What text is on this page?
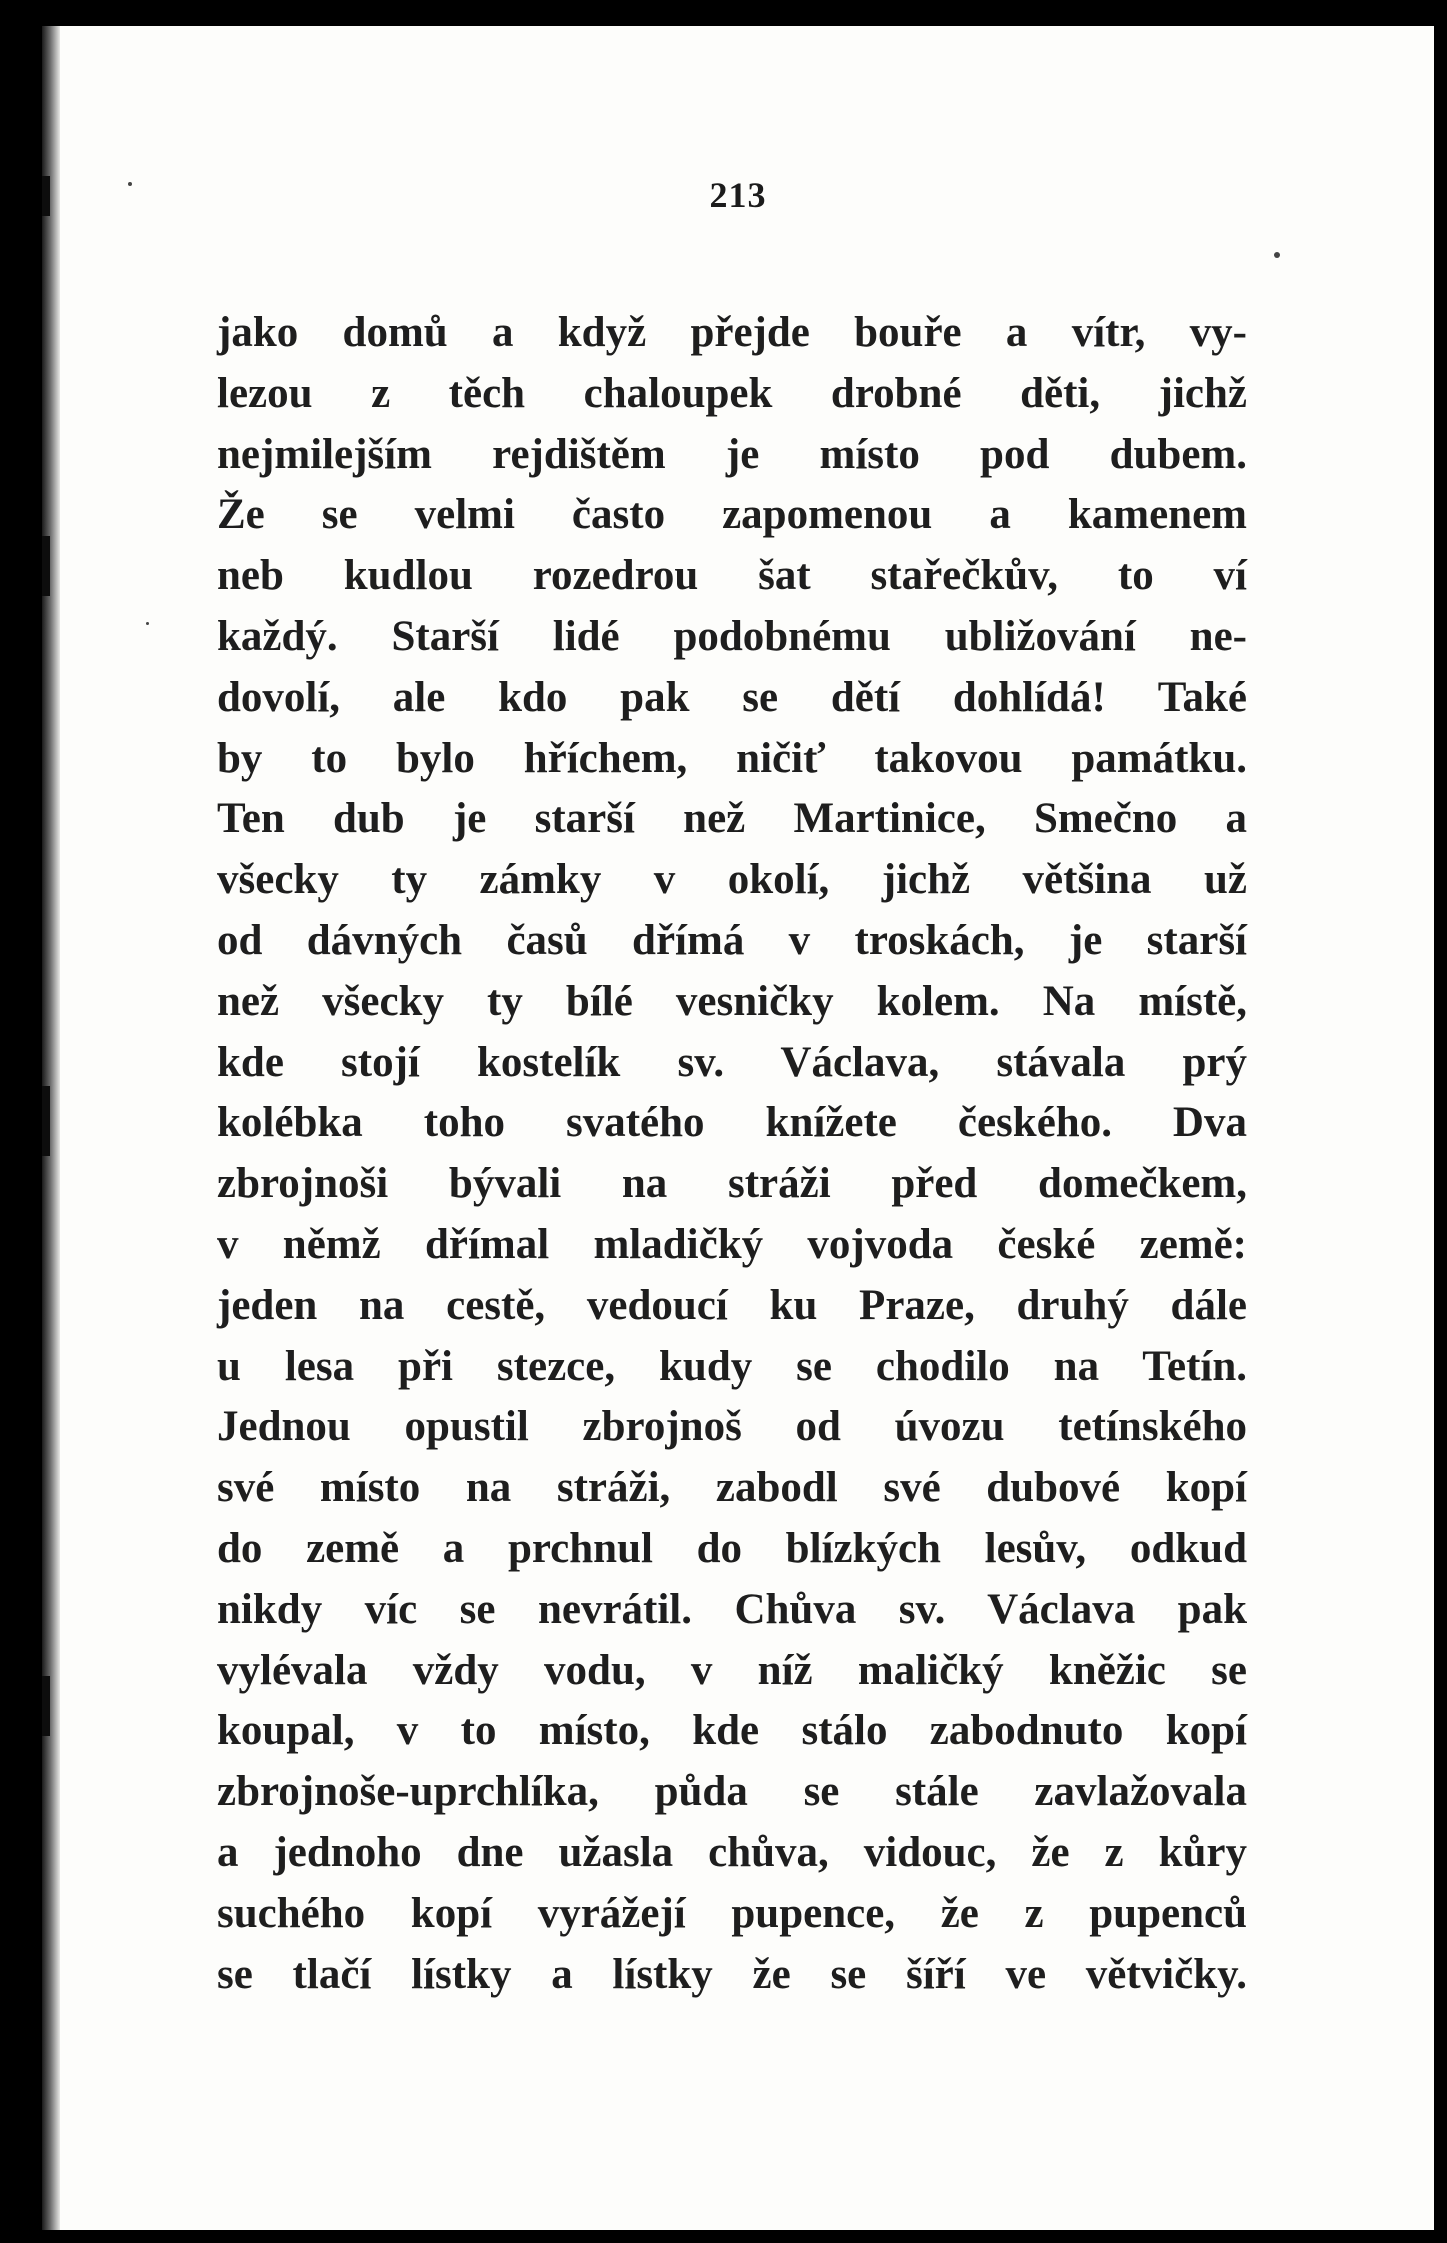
213
jako domů a když přejde bouře a vítr, vy-
lezou z těch chaloupek drobné děti, jichž
nejmilejším rejdištěm je místo pod dubem.
Že se velmi často zapomenou a kamenem
neb kudlou rozedrou šat stařečkův, to ví
každý. Starší lidé podobnému ubližování ne-
dovolí, ale kdo pak se dětí dohlídá! Také
by to bylo hříchem, ničiť takovou památku.
Ten dub je starší než Martinice, Smečno a
všecky ty zámky v okolí, jichž většina už
od dávných časů dřímá v troskách, je starší
než všecky ty bílé vesničky kolem. Na místě,
kde stojí kostelík sv. Václava, stávala prý
kolébka toho svatého knížete českého. Dva
zbrojnoši bývali na stráži před domečkem,
v němž dřímal mladičký vojvoda české země:
jeden na cestě, vedoucí ku Praze, druhý dále
u lesa při stezce, kudy se chodilo na Tetín.
Jednou opustil zbrojnoš od úvozu tetínského
své místo na stráži, zabodl své dubové kopí
do země a prchnul do blízkých lesův, odkud
nikdy víc se nevrátil. Chůva sv. Václava pak
vylévala vždy vodu, v níž maličký kněžic se
koupal, v to místo, kde stálo zabodnuto kopí
zbrojnoše-uprchlíka, půda se stále zavlažovala
a jednoho dne užasla chůva, vidouc, že z kůry
suchého kopí vyrážejí pupence, že z pupenců
se tlačí lístky a lístky že se šíří ve větvičky.
